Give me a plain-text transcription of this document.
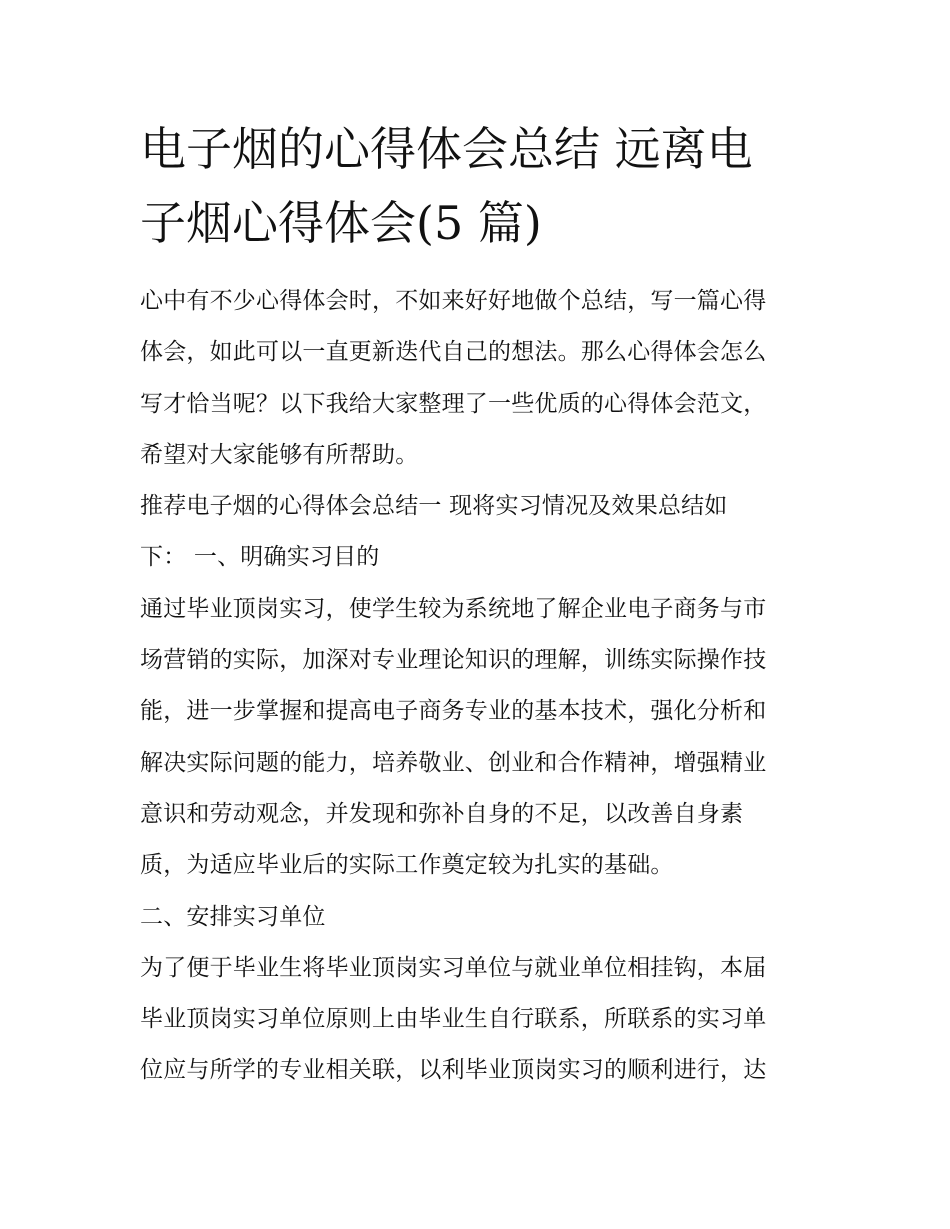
电子烟的心得体会总结 远离电
子烟心得体会(5 篇)
心中有不少心得体会时，不如来好好地做个总结，写一篇心得
体会，如此可以一直更新迭代自己的想法。那么心得体会怎么
写才恰当呢？以下我给大家整理了一些优质的心得体会范文，
希望对大家能够有所帮助。
推荐电子烟的心得体会总结一 现将实习情况及效果总结如
下： 一、明确实习目的
通过毕业顶岗实习，使学生较为系统地了解企业电子商务与市
场营销的实际，加深对专业理论知识的理解，训练实际操作技
能，进一步掌握和提高电子商务专业的基本技术，强化分析和
解决实际问题的能力，培养敬业、创业和合作精神，增强精业
意识和劳动观念，并发现和弥补自身的不足，以改善自身素
质，为适应毕业后的实际工作奠定较为扎实的基础。
二、安排实习单位
为了便于毕业生将毕业顶岗实习单位与就业单位相挂钩，本届
毕业顶岗实习单位原则上由毕业生自行联系，所联系的实习单
位应与所学的专业相关联，以利毕业顶岗实习的顺利进行，达
